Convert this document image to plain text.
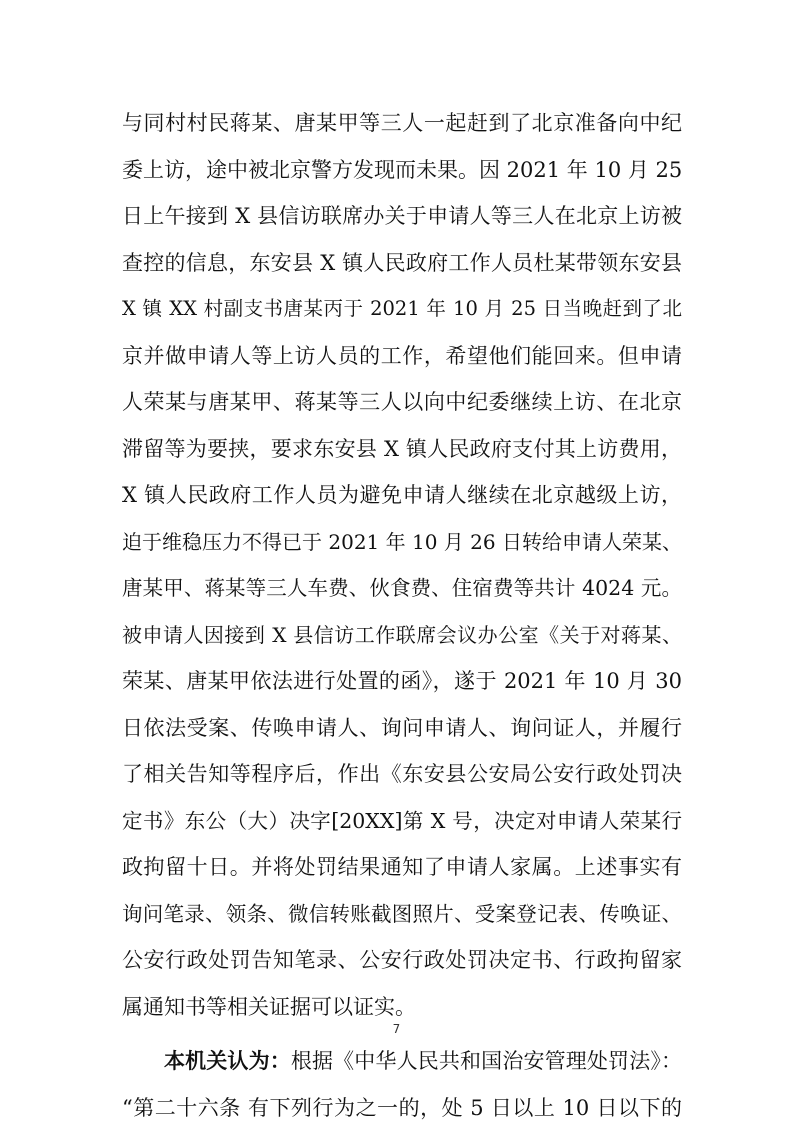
与同村村民蒋某、唐某甲等三人一起赶到了北京准备向中纪
委上访，途中被北京警方发现而未果。因 2021 年 10 月 25
日上午接到 X 县信访联席办关于申请人等三人在北京上访被
查控的信息，东安县 X 镇人民政府工作人员杜某带领东安县
X 镇 XX 村副支书唐某丙于 2021 年 10 月 25 日当晚赶到了北
京并做申请人等上访人员的工作，希望他们能回来。但申请
人荣某与唐某甲、蒋某等三人以向中纪委继续上访、在北京
滞留等为要挟，要求东安县 X 镇人民政府支付其上访费用，
X 镇人民政府工作人员为避免申请人继续在北京越级上访，
迫于维稳压力不得已于 2021 年 10 月 26 日转给申请人荣某、
唐某甲、蒋某等三人车费、伙食费、住宿费等共计 4024 元。
被申请人因接到 X 县信访工作联席会议办公室《关于对蒋某、
荣某、唐某甲依法进行处置的函》，遂于 2021 年 10 月 30
日依法受案、传唤申请人、询问申请人、询问证人，并履行
了相关告知等程序后，作出《东安县公安局公安行政处罚决
定书》东公（大）决字[20XX]第 X 号，决定对申请人荣某行
政拘留十日。并将处罚结果通知了申请人家属。上述事实有
询问笔录、领条、微信转账截图照片、受案登记表、传唤证、
公安行政处罚告知笔录、公安行政处罚决定书、行政拘留家
属通知书等相关证据可以证实。
本机关认为：根据《中华人民共和国治安管理处罚法》：
“第二十六条 有下列行为之一的，处 5 日以上 10 日以下的
7
